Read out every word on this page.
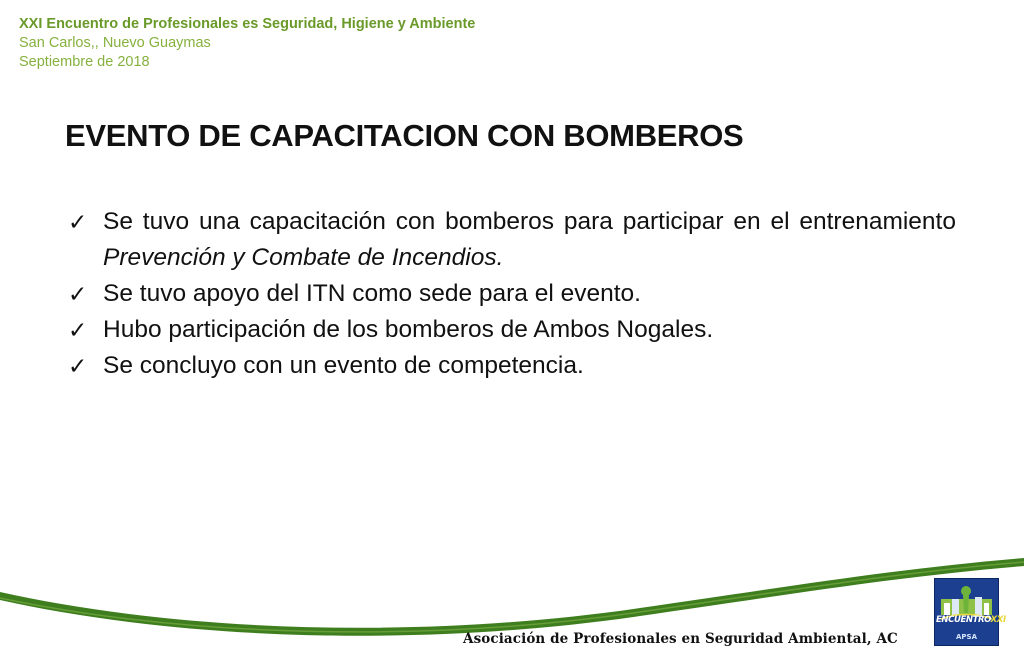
XXI Encuentro de Profesionales es Seguridad, Higiene y Ambiente
San Carlos,, Nuevo Guaymas
Septiembre de 2018
EVENTO DE CAPACITACION CON BOMBEROS
✓ Se tuvo una capacitación con bomberos para participar en el entrenamiento Prevención y Combate de Incendios.
✓ Se tuvo apoyo del ITN como sede para el evento.
✓ Hubo participación de los bomberos de Ambos Nogales.
✓ Se concluyo con un evento de competencia.
Asociación de Profesionales en Seguridad Ambiental, AC
ENCUENTROXXI
APSA
